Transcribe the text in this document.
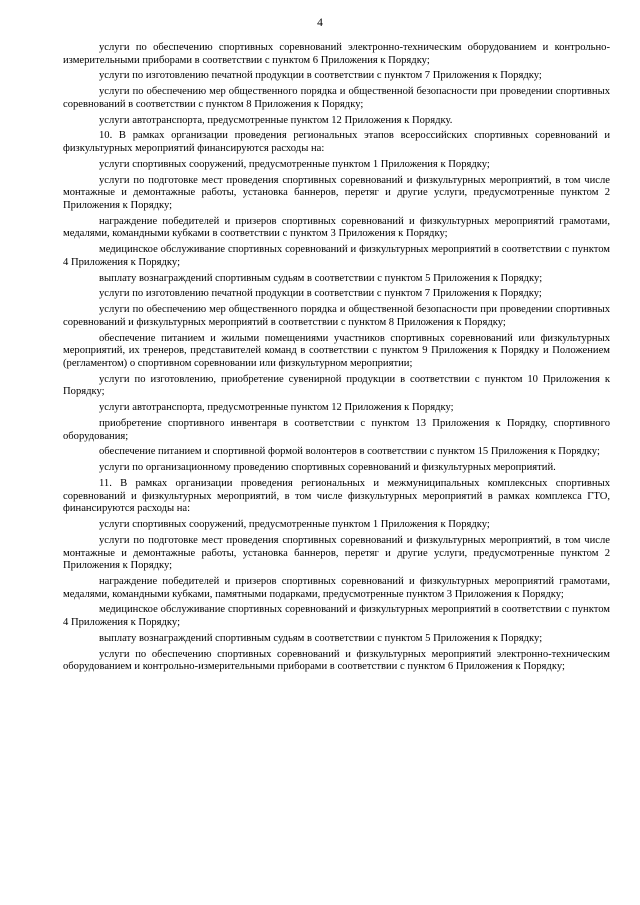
4

услуги по обеспечению спортивных соревнований электронно-техническим оборудованием и контрольно-измерительными приборами в соответствии с пунктом 6 Приложения к Порядку;

услуги по изготовлению печатной продукции в соответствии с пунктом 7 Приложения к Порядку;

услуги по обеспечению мер общественного порядка и общественной безопасности при проведении спортивных соревнований в соответствии с пунктом 8 Приложения к Порядку;

услуги автотранспорта, предусмотренные пунктом 12 Приложения к Порядку.

10. В рамках организации проведения региональных этапов всероссийских спортивных соревнований и физкультурных мероприятий финансируются расходы на:

услуги спортивных сооружений, предусмотренные пунктом 1 Приложения к Порядку;

услуги по подготовке мест проведения спортивных соревнований и физкультурных мероприятий, в том числе монтажные и демонтажные работы, установка баннеров, перетяг и другие услуги, предусмотренные пунктом 2 Приложения к Порядку;

награждение победителей и призеров спортивных соревнований и физкультурных мероприятий грамотами, медалями, командными кубками в соответствии с пунктом 3 Приложения к Порядку;

медицинское обслуживание спортивных соревнований и физкультурных мероприятий в соответствии с пунктом 4 Приложения к Порядку;

выплату вознаграждений спортивным судьям в соответствии с пунктом 5 Приложения к Порядку;

услуги по изготовлению печатной продукции в соответствии с пунктом 7 Приложения к Порядку;

услуги по обеспечению мер общественного порядка и общественной безопасности при проведении спортивных соревнований и физкультурных мероприятий в соответствии с пунктом 8 Приложения к Порядку;

обеспечение питанием и жилыми помещениями участников спортивных соревнований или физкультурных мероприятий, их тренеров, представителей команд в соответствии с пунктом 9 Приложения к Порядку и Положением (регламентом) о спортивном соревновании или физкультурном мероприятии;

услуги по изготовлению, приобретение сувенирной продукции в соответствии с пунктом 10 Приложения к Порядку;

услуги автотранспорта, предусмотренные пунктом 12 Приложения к Порядку;

приобретение спортивного инвентаря в соответствии с пунктом 13 Приложения к Порядку, спортивного оборудования;

обеспечение питанием и спортивной формой волонтеров в соответствии с пунктом 15 Приложения к Порядку;

услуги по организационному проведению спортивных соревнований и физкультурных мероприятий.

11. В рамках организации проведения региональных и межмуниципальных комплексных спортивных соревнований и физкультурных мероприятий, в том числе физкультурных мероприятий в рамках комплекса ГТО, финансируются расходы на:

услуги спортивных сооружений, предусмотренные пунктом 1 Приложения к Порядку;

услуги по подготовке мест проведения спортивных соревнований и физкультурных мероприятий, в том числе монтажные и демонтажные работы, установка баннеров, перетяг и другие услуги, предусмотренные пунктом 2 Приложения к Порядку;

награждение победителей и призеров спортивных соревнований и физкультурных мероприятий грамотами, медалями, командными кубками, памятными подарками, предусмотренные пунктом 3 Приложения к Порядку;

медицинское обслуживание спортивных соревнований и физкультурных мероприятий в соответствии с пунктом 4 Приложения к Порядку;

выплату вознаграждений спортивным судьям в соответствии с пунктом 5 Приложения к Порядку;

услуги по обеспечению спортивных соревнований и физкультурных мероприятий электронно-техническим оборудованием и контрольно-измерительными приборами в соответствии с пунктом 6 Приложения к Порядку;
